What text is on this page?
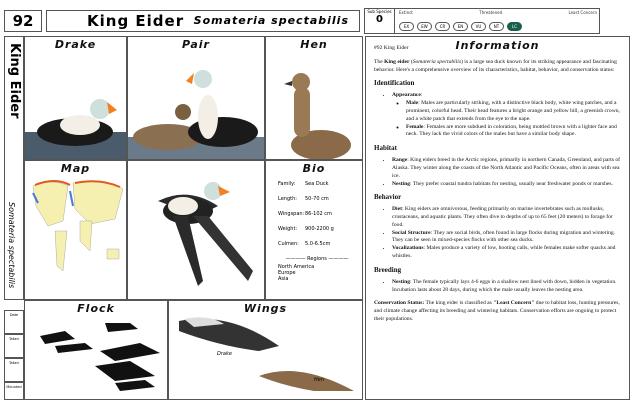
92	King Eider Somateria spectabilis
Sub Species
0
Extinct	Threatened	Least Concern
EX	EW	CR	EN	VU	NT	LC
King Eider
Somateria spectabilis
Date
Taken
Taken
Mounted
Drake	Pair	Hen
Map	Bio
Family:	Sea Duck
Length:	50-70 cm
Wingspan: 86-102 cm
Weight:	900-2200 g
Culmen:	5.0-6.5cm
———— Regions ————
North America
Europe
Asia
Flock	Wings
Drake
Hen
Information
#92 King Eider

The King eider (Somateria spectabilis) is a large sea duck known for its striking appearance and fascinating behavior. Here's a comprehensive overview of its characteristics, habitat, behavior, and conservation status:

Identification
• Appearance:
◦ Male: Males are particularly striking, with a distinctive black body, white wing patches, and a prominent, colorful head. Their head features a bright orange and yellow bill, a greenish crown, and a white patch that extends from the eye to the nape.
◦ Female: Females are more subdued in coloration, being mottled brown with a lighter face and neck. They lack the vivid colors of the males but have a similar body shape.
Habitat
• Range: King eiders breed in the Arctic regions, primarily in northern Canada, Greenland, and parts of Alaska. They winter along the coasts of the North Atlantic and Pacific Oceans, often in areas with sea ice.
• Nesting: They prefer coastal tundra habitats for nesting, usually near freshwater ponds or marshes.
Behavior
• Diet: King eiders are omnivorous, feeding primarily on marine invertebrates such as mollusks, crustaceans, and aquatic plants. They often dive to depths of up to 65 feet (20 meters) to forage for food.
• Social Structure: They are social birds, often found in large flocks during migration and wintering. They can be seen in mixed-species flocks with other sea ducks.
• Vocalizations: Males produce a variety of low, hooting calls, while females make softer quacks and whistles.
Breeding
• Nesting: The female typically lays 4-6 eggs in a shallow nest lined with down, hidden in vegetation. Incubation lasts about 28 days, during which the male usually leaves the nesting area.

Conservation Status: The king eider is classified as "Least Concern" due to habitat loss, hunting pressures, and climate change affecting its breeding and wintering habitats. Conservation efforts are ongoing to protect their populations.
